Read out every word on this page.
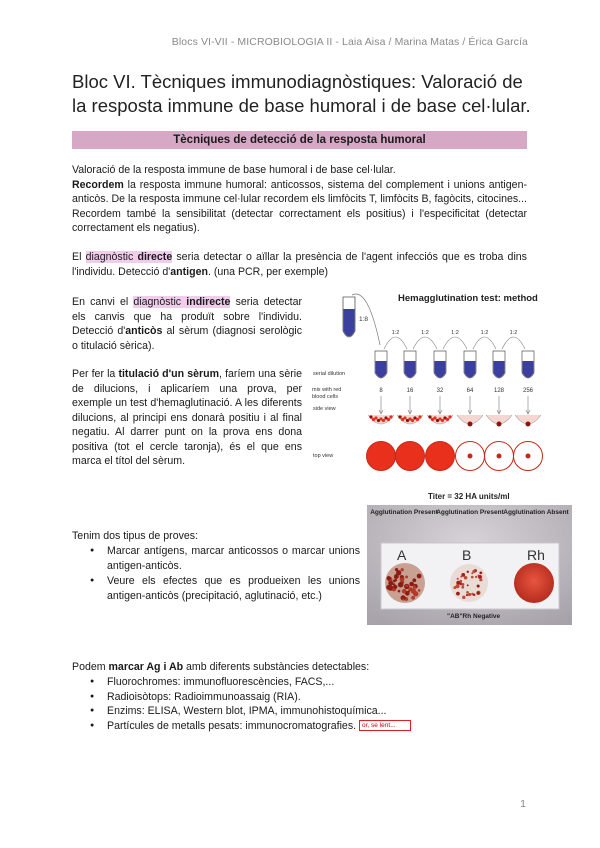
Blocs VI-VII - MICROBIOLOGIA II - Laia Aisa / Marina Matas / Érica García
Bloc VI. Tècniques immunodiagnòstiques: Valoració de la resposta immune de base humoral i de base cel·lular.
Tècniques de detecció de la resposta humoral
Valoració de la resposta immune de base humoral i de base cel·lular.
Recordem la resposta immune humoral: anticossos, sistema del complement i unions antigen-anticòs. De la resposta immune cel·lular recordem els limfòcits T, limfòcits B, fagòcits, citocines... Recordem també la sensibilitat (detectar correctament els positius) i l'especificitat (detectar correctament els negatius).
El diagnòstic directe seria detectar o aïllar la presència de l'agent infecciós que es troba dins l'individu. Detecció d'antigen. (una PCR, per exemple)
En canvi el diagnòstic indirecte seria detectar els canvis que ha produït sobre l'individu. Detecció d'anticòs al sèrum (diagnosi serològic o titulació sèrica).
Per fer la titulació d'un sèrum, faríem una sèrie de dilucions, i aplicaríem una prova, per exemple un test d'hemaglutinació. A les diferents dilucions, al principi ens donarà positiu i al final negatiu. Al darrer punt on la prova ens dona positiva (tot el cercle taronja), és el que ens marca el títol del sèrum.
Hemagglutination test: method
1:8
1:2	1:2	1:2	1:2	1:2
serial dilution
mix with red blood cells
side view
top view
8	16	32	64	128	256
Titer = 32 HA units/ml
Agglutination Present
Agglutination Present Agglutination Absent
A	B	Rh
"AB"Rh Negative
Tenim dos tipus de proves:
● Marcar antígens, marcar anticossos o marcar unions antigen-anticòs.
● Veure els efectes que es produeixen les unions antigen-anticòs (precipitació, aglutinació, etc.)
Podem marcar Ag i Ab amb diferents substàncies detectables:
● Fluorochromes: immunofluorescències, FACS,...
● Radioisòtops: Radioimmunoassaig (RIA).
● Enzims: ELISA, Western blot, IPMA, immunohistoquímica...
● Partícules de metalls pesats: immunocromatografies. or, se lent...
1
